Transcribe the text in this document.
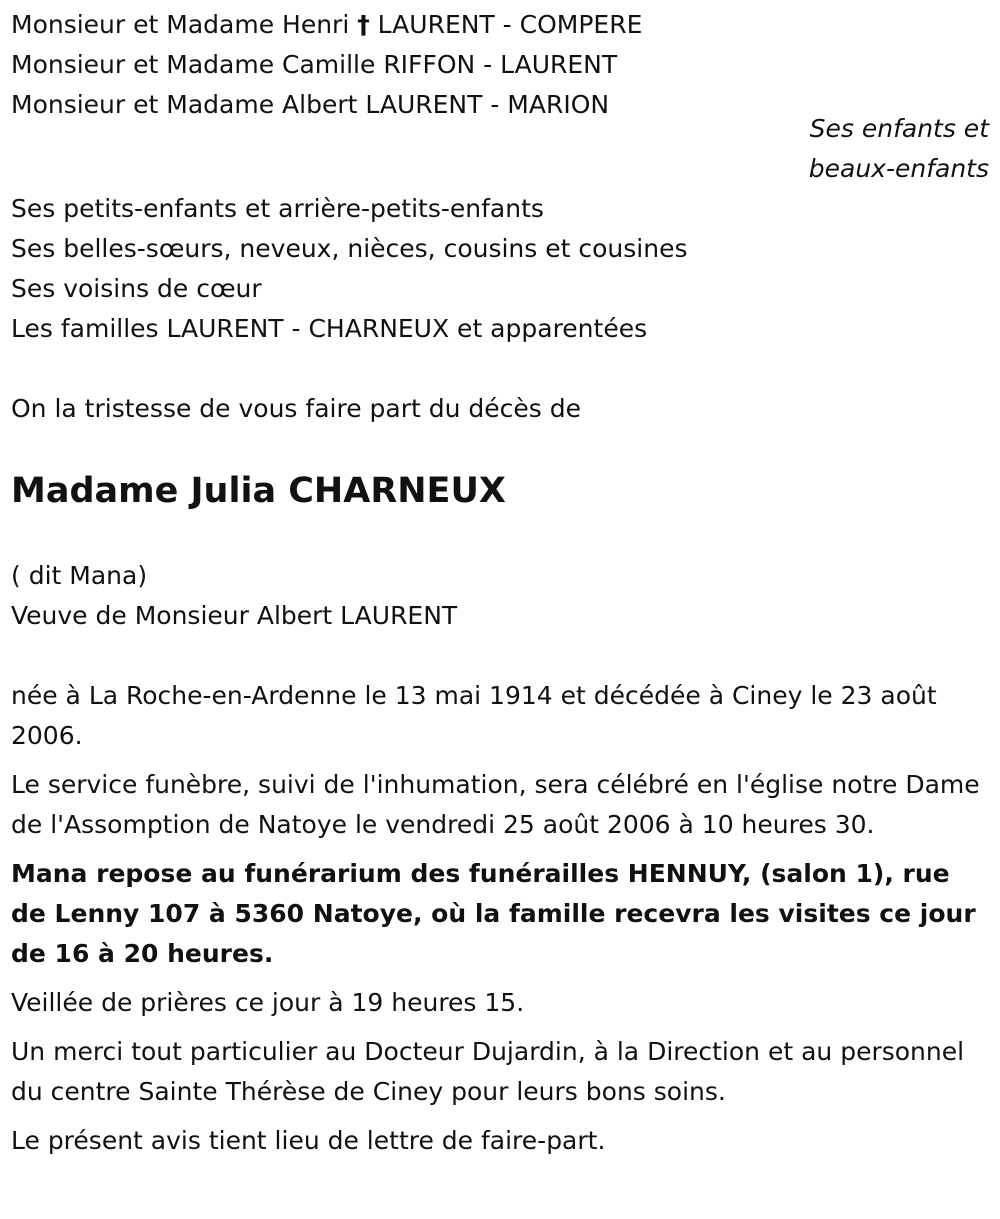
Monsieur et Madame Henri † LAURENT - COMPERE

Monsieur et Madame Camille RIFFON - LAURENT

Monsieur et Madame Albert LAURENT - MARION

Ses enfants et
beaux-enfants

Ses petits-enfants et arrière-petits-enfants

Ses belles-sœurs, neveux, nièces, cousins et cousines

Ses voisins de cœur

Les familles LAURENT - CHARNEUX et apparentées

On la tristesse de vous faire part du décès de

Madame Julia CHARNEUX

( dit Mana)

Veuve de Monsieur Albert LAURENT

née à La Roche-en-Ardenne le 13 mai 1914 et décédée à Ciney le 23 août 2006.

Le service funèbre, suivi de l'inhumation, sera célébré en l'église notre Dame de l'Assomption de Natoye le vendredi 25 août 2006 à 10 heures 30.

Mana repose au funérarium des funérailles HENNUY, (salon 1), rue de Lenny 107 à 5360 Natoye, où la famille recevra les visites ce jour de 16 à 20 heures.

Veillée de prières ce jour à 19 heures 15.

Un merci tout particulier au Docteur Dujardin, à la Direction et au personnel du centre Sainte Thérèse de Ciney pour leurs bons soins.

Le présent avis tient lieu de lettre de faire-part.
